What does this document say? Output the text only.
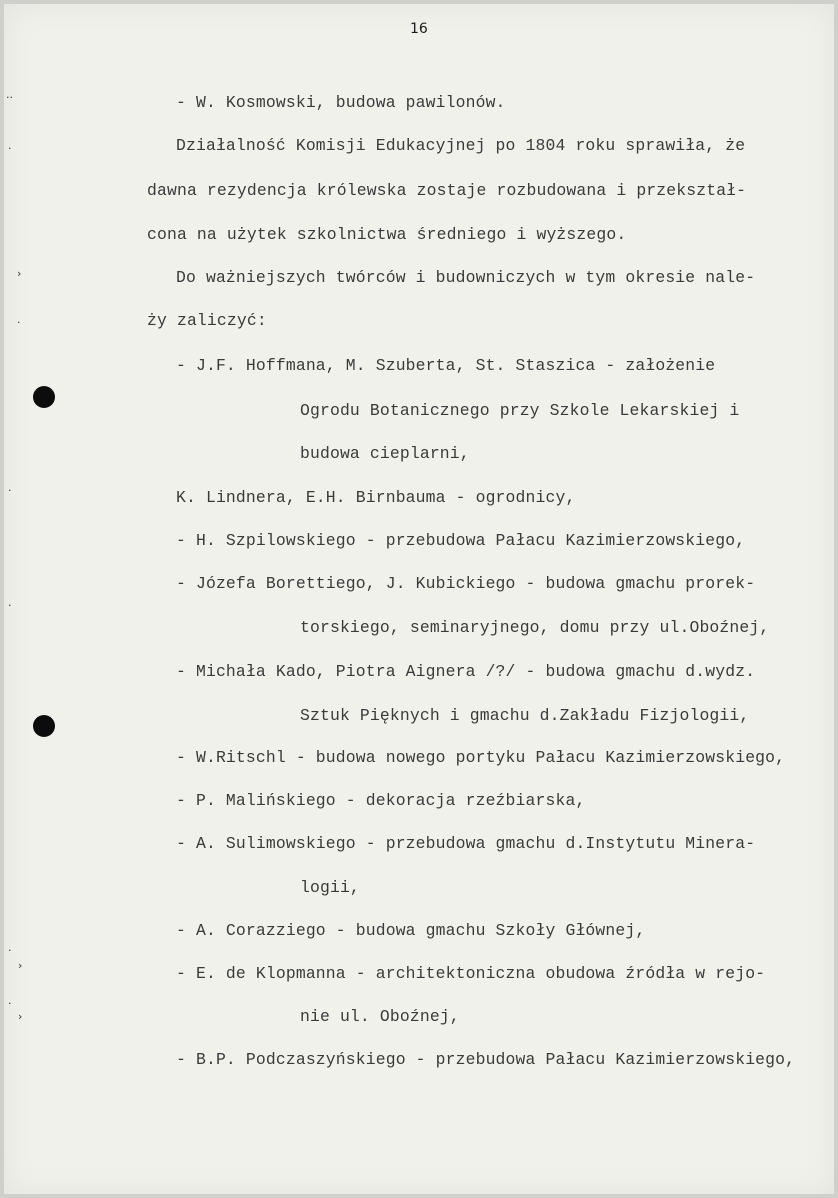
16
- W. Kosmowski, budowa pawilonów.
Działalność Komisji Edukacyjnej po 1804 roku sprawiła, że
dawna rezydencja królewska zostaje rozbudowana i przekształ-
cona na użytek szkolnictwa średniego i wyższego.
Do ważniejszych twórców i budowniczych w tym okresie nale-
ży zaliczyć:
- J.F. Hoffmana, M. Szuberta, St. Staszica - założenie
Ogrodu Botanicznego przy Szkole Lekarskiej i
budowa cieplarni,
K. Lindnera, E.H. Birnbauma - ogrodnicy,
- H. Szpilowskiego - przebudowa Pałacu Kazimierzowskiego,
- Józefa Borettiego, J. Kubickiego - budowa gmachu prorek-
torskiego, seminaryjnego, domu przy ul.Oboźnej,
- Michała Kado, Piotra Aignera /?/ - budowa gmachu d.wydz.
Sztuk Pięknych i gmachu d.Zakładu Fizjologii,
- W.Ritschl - budowa nowego portyku Pałacu Kazimierzowskiego,
- P. Malińskiego - dekoracja rzeźbiarska,
- A. Sulimowskiego - przebudowa gmachu d.Instytutu Minera-
logii,
- A. Corazziego - budowa gmachu Szkoły Głównej,
- E. de Klopmanna - architektoniczna obudowa źródła w rejo-
nie ul. Oboźnej,
- B.P. Podczaszyńskiego - przebudowa Pałacu Kazimierzowskiego,
··
·
›
·
·
·
·
›
·
›
